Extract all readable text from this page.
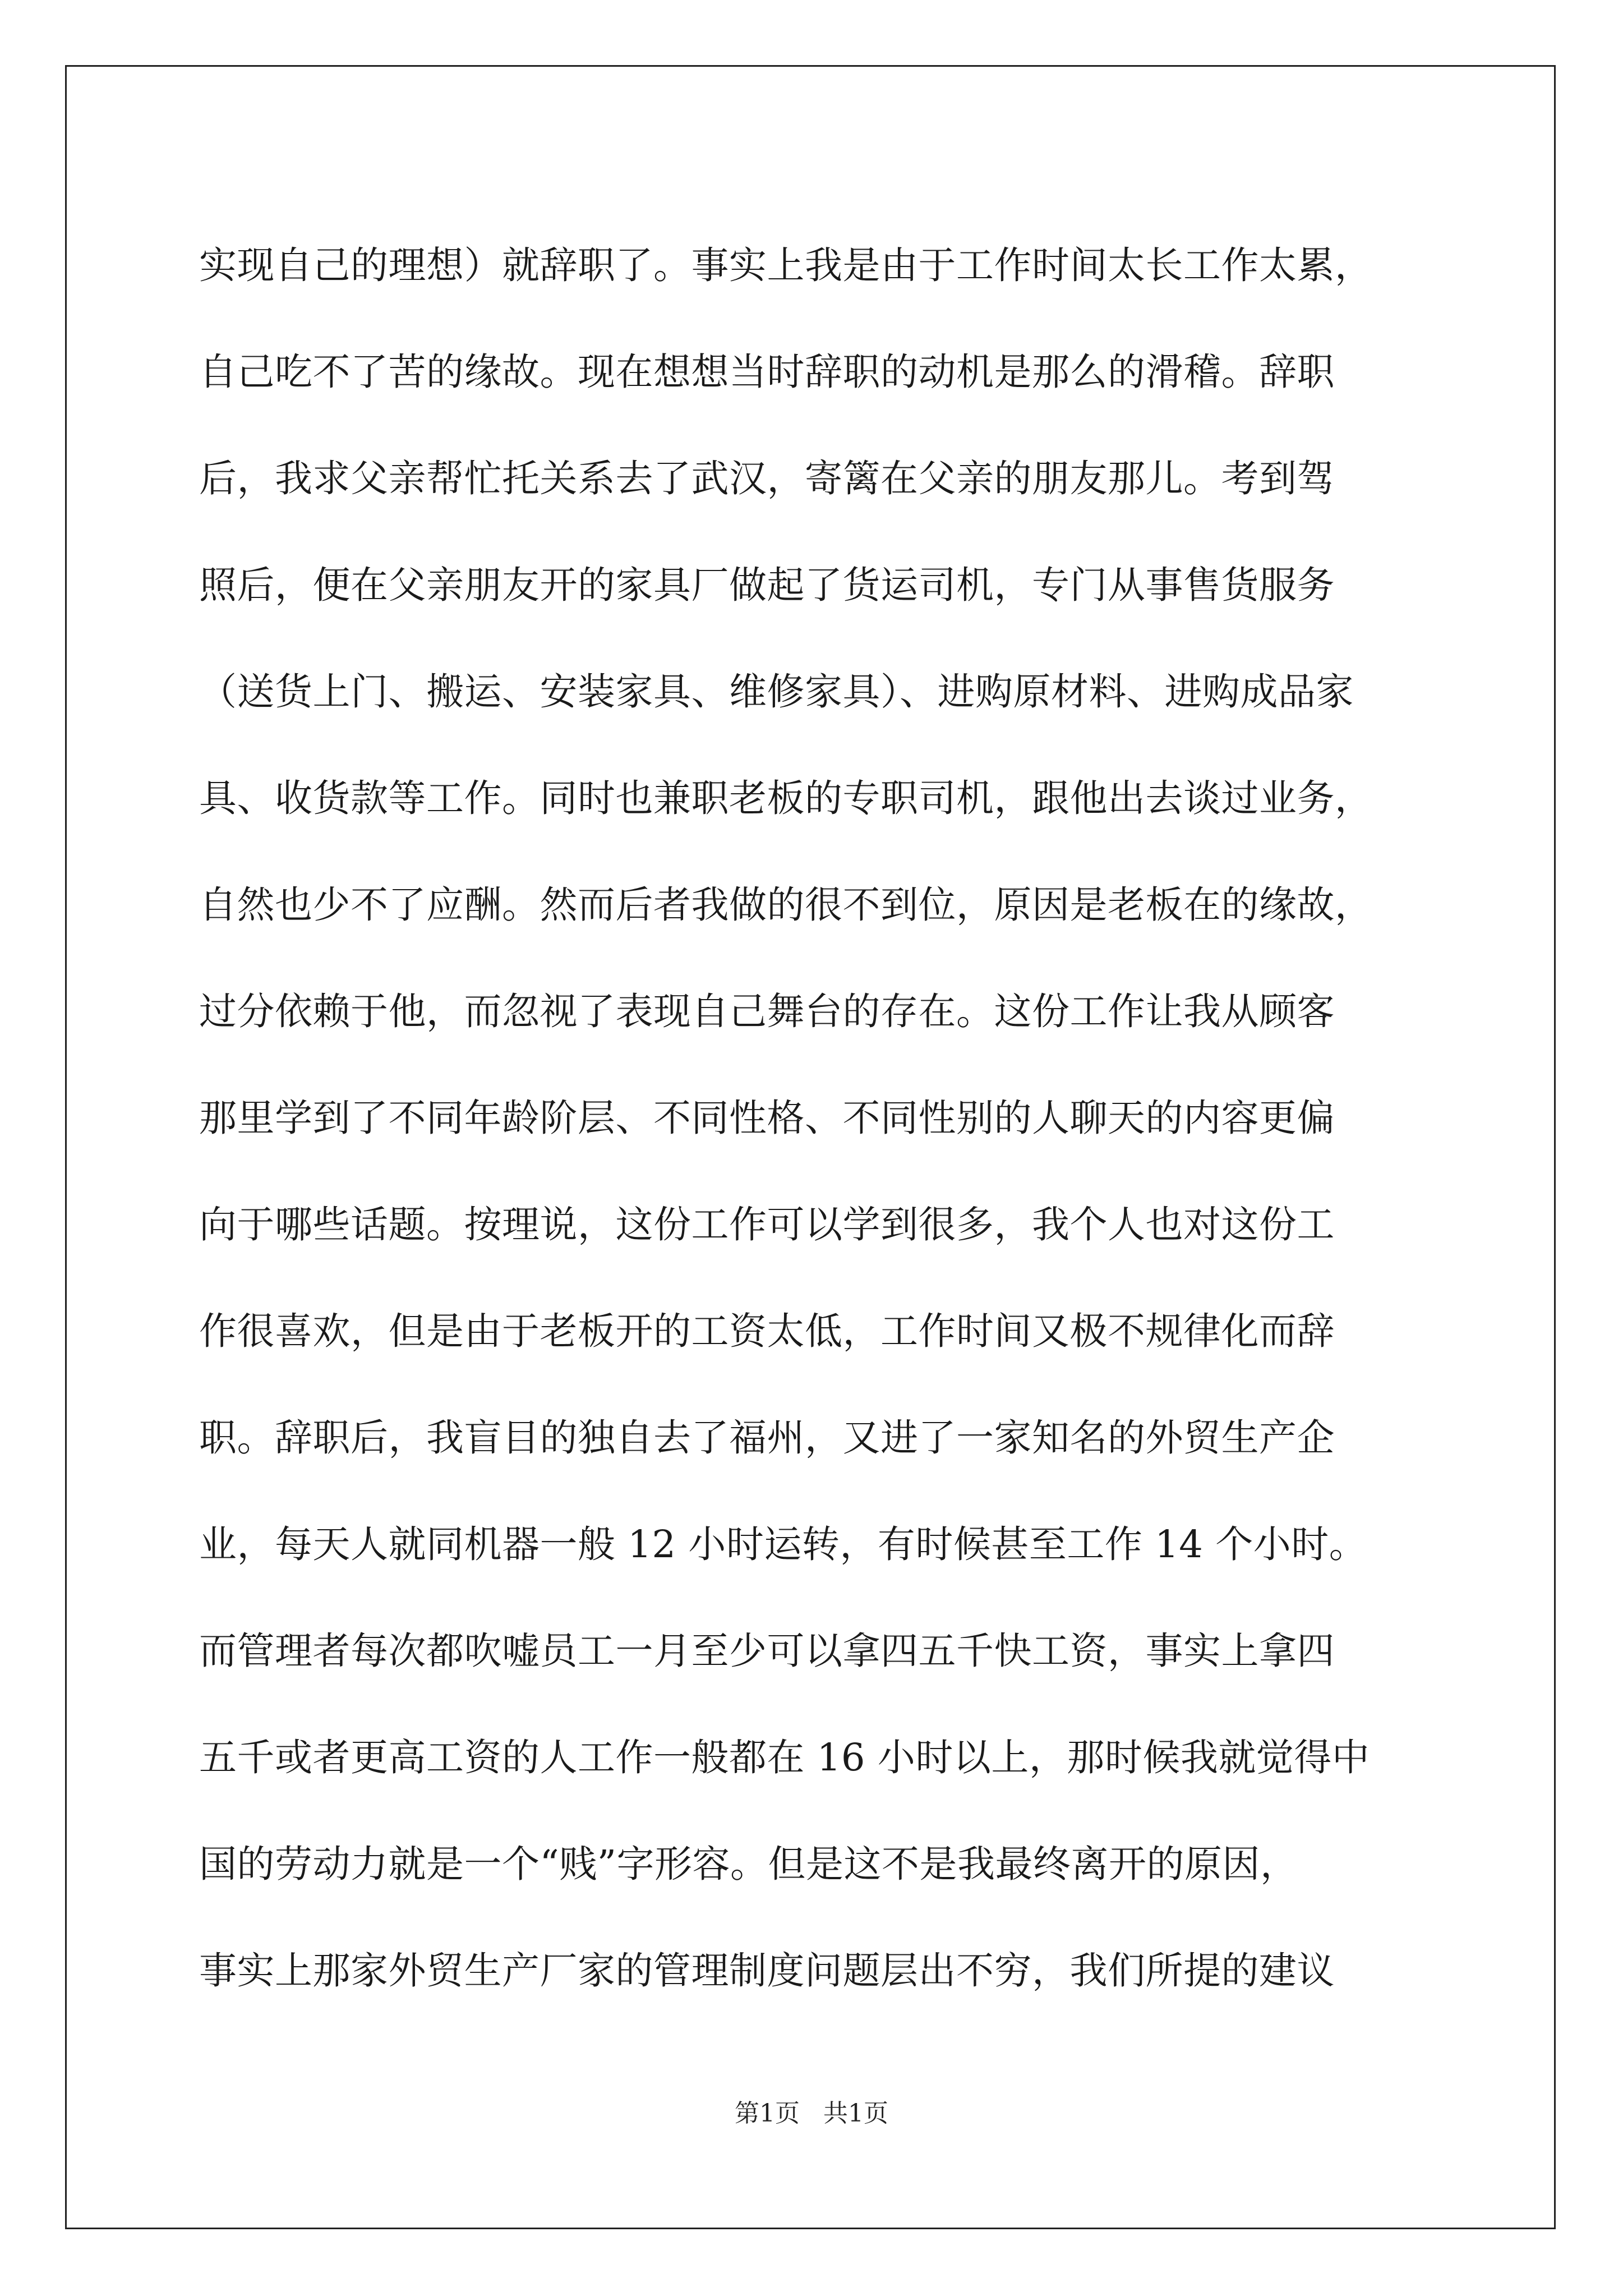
实现自己的理想）就辞职了。事实上我是由于工作时间太长工作太累，
自己吃不了苦的缘故。现在想想当时辞职的动机是那么的滑稽。辞职
后，我求父亲帮忙托关系去了武汉，寄篱在父亲的朋友那儿。考到驾
照后，便在父亲朋友开的家具厂做起了货运司机，专门从事售货服务
（送货上门、搬运、安装家具、维修家具）、进购原材料、进购成品家
具、收货款等工作。同时也兼职老板的专职司机，跟他出去谈过业务，
自然也少不了应酬。然而后者我做的很不到位，原因是老板在的缘故，
过分依赖于他，而忽视了表现自己舞台的存在。这份工作让我从顾客
那里学到了不同年龄阶层、不同性格、不同性别的人聊天的内容更偏
向于哪些话题。按理说，这份工作可以学到很多，我个人也对这份工
作很喜欢，但是由于老板开的工资太低，工作时间又极不规律化而辞
职。辞职后，我盲目的独自去了福州，又进了一家知名的外贸生产企
业，每天人就同机器一般 12 小时运转，有时候甚至工作 14 个小时。
而管理者每次都吹嘘员工一月至少可以拿四五千快工资，事实上拿四
五千或者更高工资的人工作一般都在 16 小时以上，那时候我就觉得中
国的劳动力就是一个“贱”字形容。但是这不是我最终离开的原因，
事实上那家外贸生产厂家的管理制度问题层出不穷，我们所提的建议
第1页   共1页
